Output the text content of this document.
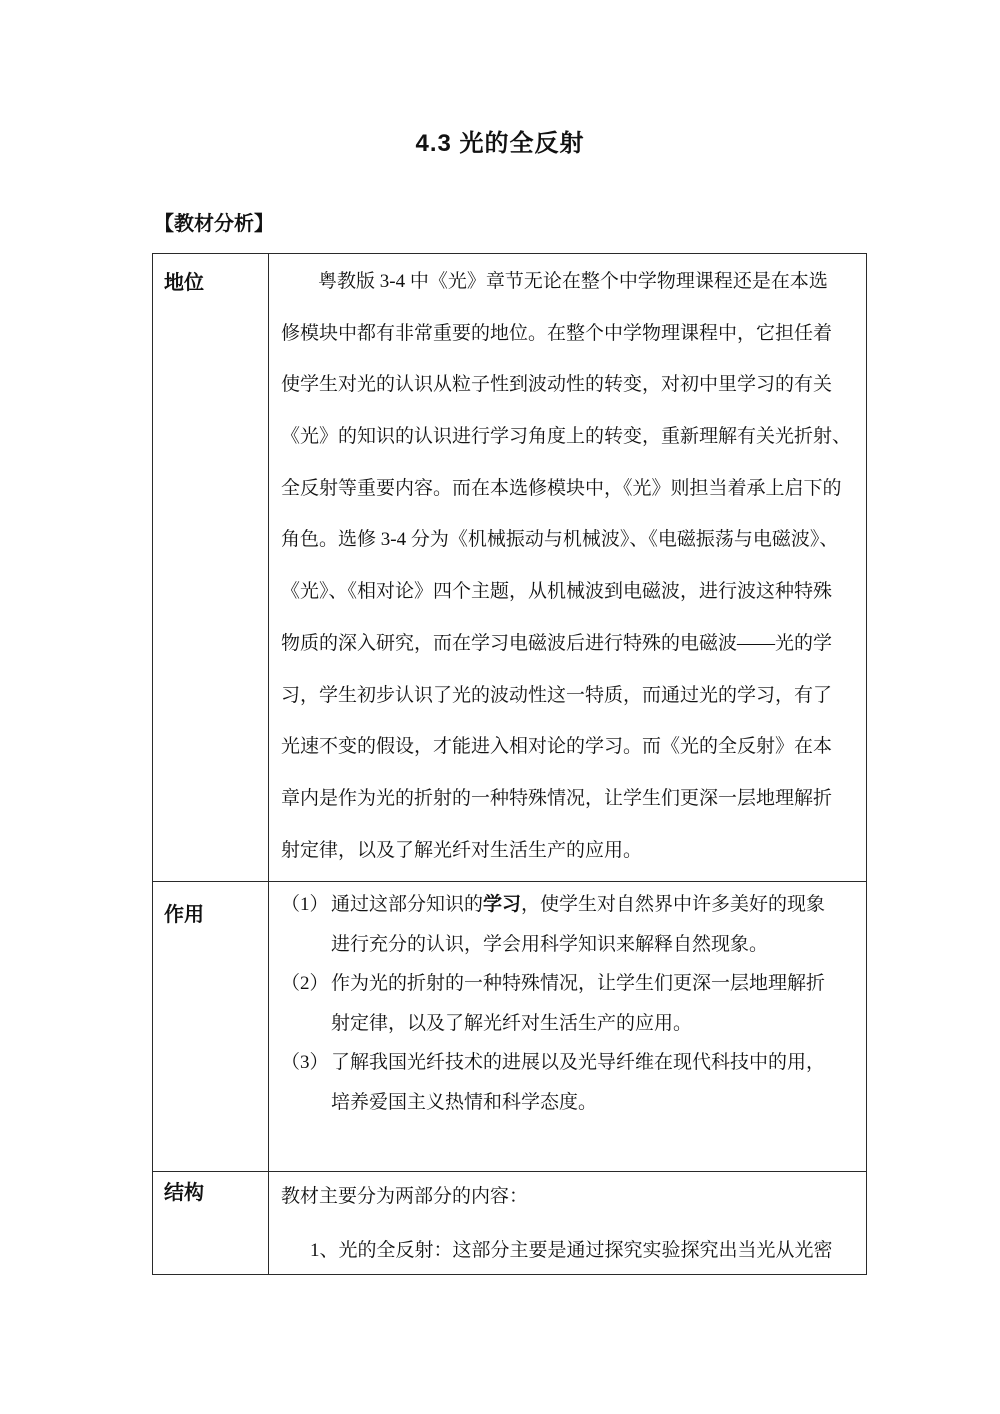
4.3 光的全反射
【教材分析】
地位	粤教版 3-4 中《光》章节无论在整个中学物理课程还是在本选
修模块中都有非常重要的地位。在整个中学物理课程中，它担任着
使学生对光的认识从粒子性到波动性的转变，对初中里学习的有关
《光》的知识的认识进行学习角度上的转变，重新理解有关光折射、
全反射等重要内容。而在本选修模块中，《光》则担当着承上启下的
角色。选修 3-4 分为《机械振动与机械波》、《电磁振荡与电磁波》、
《光》、《相对论》四个主题，从机械波到电磁波，进行波这种特殊
物质的深入研究，而在学习电磁波后进行特殊的电磁波——光的学
习，学生初步认识了光的波动性这一特质，而通过光的学习，有了
光速不变的假设，才能进入相对论的学习。而《光的全反射》在本
章内是作为光的折射的一种特殊情况，让学生们更深一层地理解折
射定律，以及了解光纤对生活生产的应用。
作用	（1） 通过这部分知识的学习，使学生对自然界中许多美好的现象
进行充分的认识，学会用科学知识来解释自然现象。
（2） 作为光的折射的一种特殊情况，让学生们更深一层地理解折
射定律，以及了解光纤对生活生产的应用。
（3） 了解我国光纤技术的进展以及光导纤维在现代科技中的用，
培养爱国主义热情和科学态度。
结构	教材主要分为两部分的内容：
1、光的全反射：这部分主要是通过探究实验探究出当光从光密
